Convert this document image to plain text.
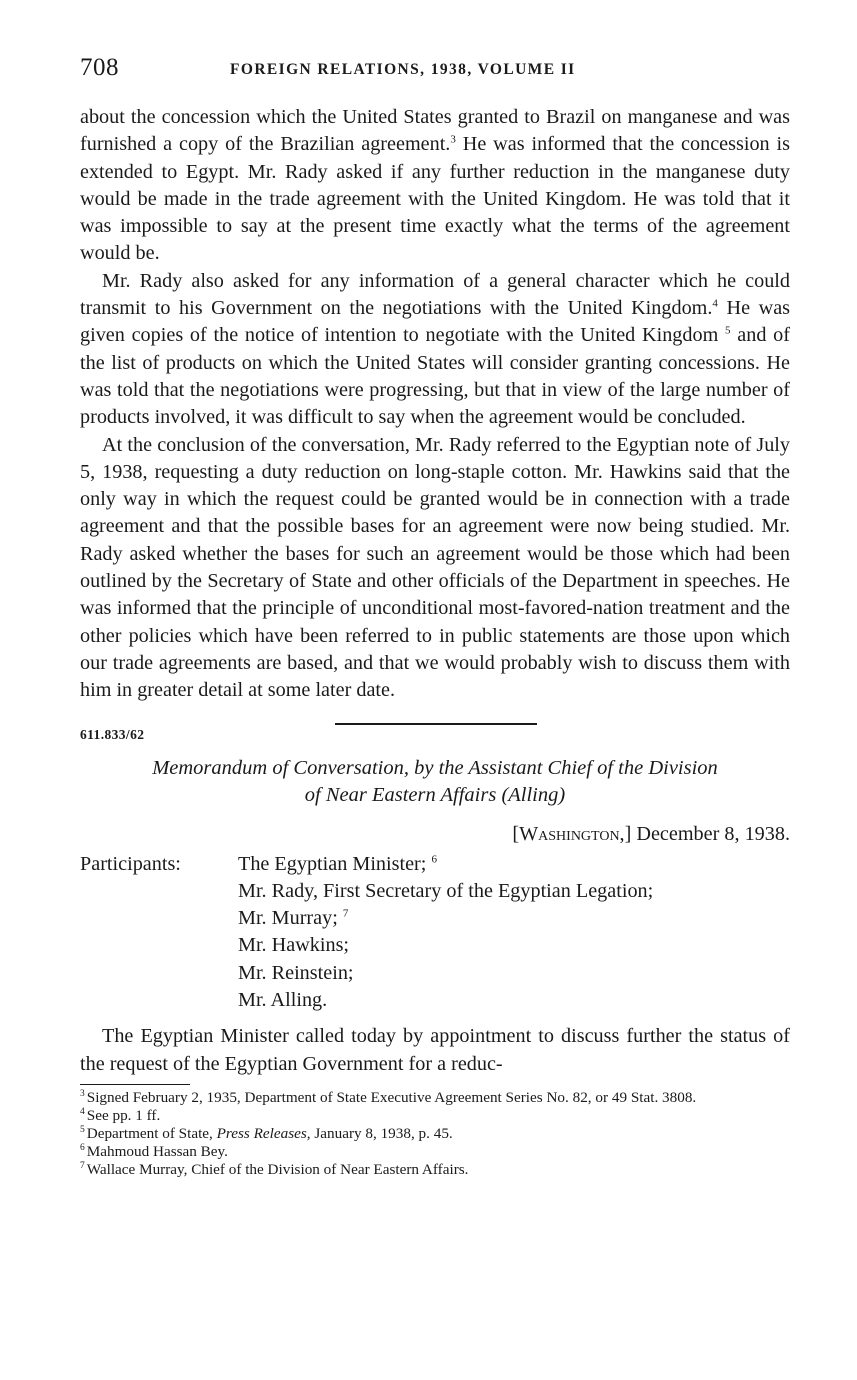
708	FOREIGN RELATIONS, 1938, VOLUME II

about the concession which the United States granted to Brazil on manganese and was furnished a copy of the Brazilian agreement.$^3$ He was informed that the concession is extended to Egypt. Mr. Rady asked if any further reduction in the manganese duty would be made in the trade agreement with the United Kingdom. He was told that it was impossible to say at the present time exactly what the terms of the agreement would be.

Mr. Rady also asked for any information of a general character which he could transmit to his Government on the negotiations with the United Kingdom.$^4$ He was given copies of the notice of intention to negotiate with the United Kingdom $^5$ and of the list of products on which the United States will consider granting concessions. He was told that the negotiations were progressing, but that in view of the large number of products involved, it was difficult to say when the agreement would be concluded.

At the conclusion of the conversation, Mr. Rady referred to the Egyptian note of July 5, 1938, requesting a duty reduction on long-staple cotton. Mr. Hawkins said that the only way in which the request could be granted would be in connection with a trade agreement and that the possible bases for an agreement were now being studied. Mr. Rady asked whether the bases for such an agreement would be those which had been outlined by the Secretary of State and other officials of the Department in speeches. He was informed that the principle of unconditional most-favored-nation treatment and the other policies which have been referred to in public statements are those upon which our trade agreements are based, and that we would probably wish to discuss them with him in greater detail at some later date.

611.833/62
Memorandum of Conversation, by the Assistant Chief of the Division
of Near Eastern Affairs (Alling)
[Washington,] December 8, 1938.
Participants:	The Egyptian Minister; $^6$
Mr. Rady, First Secretary of the Egyptian Legation;
Mr. Murray; $^7$
Mr. Hawkins;
Mr. Reinstein;
Mr. Alling.
The Egyptian Minister called today by appointment to discuss further the status of the request of the Egyptian Government for a reduc-
$^3$ Signed February 2, 1935, Department of State Executive Agreement Series No. 82, or 49 Stat. 3808.
$^4$ See pp. 1 ff.
$^5$ Department of State, Press Releases, January 8, 1938, p. 45.
$^6$ Mahmoud Hassan Bey.
$^7$ Wallace Murray, Chief of the Division of Near Eastern Affairs.
